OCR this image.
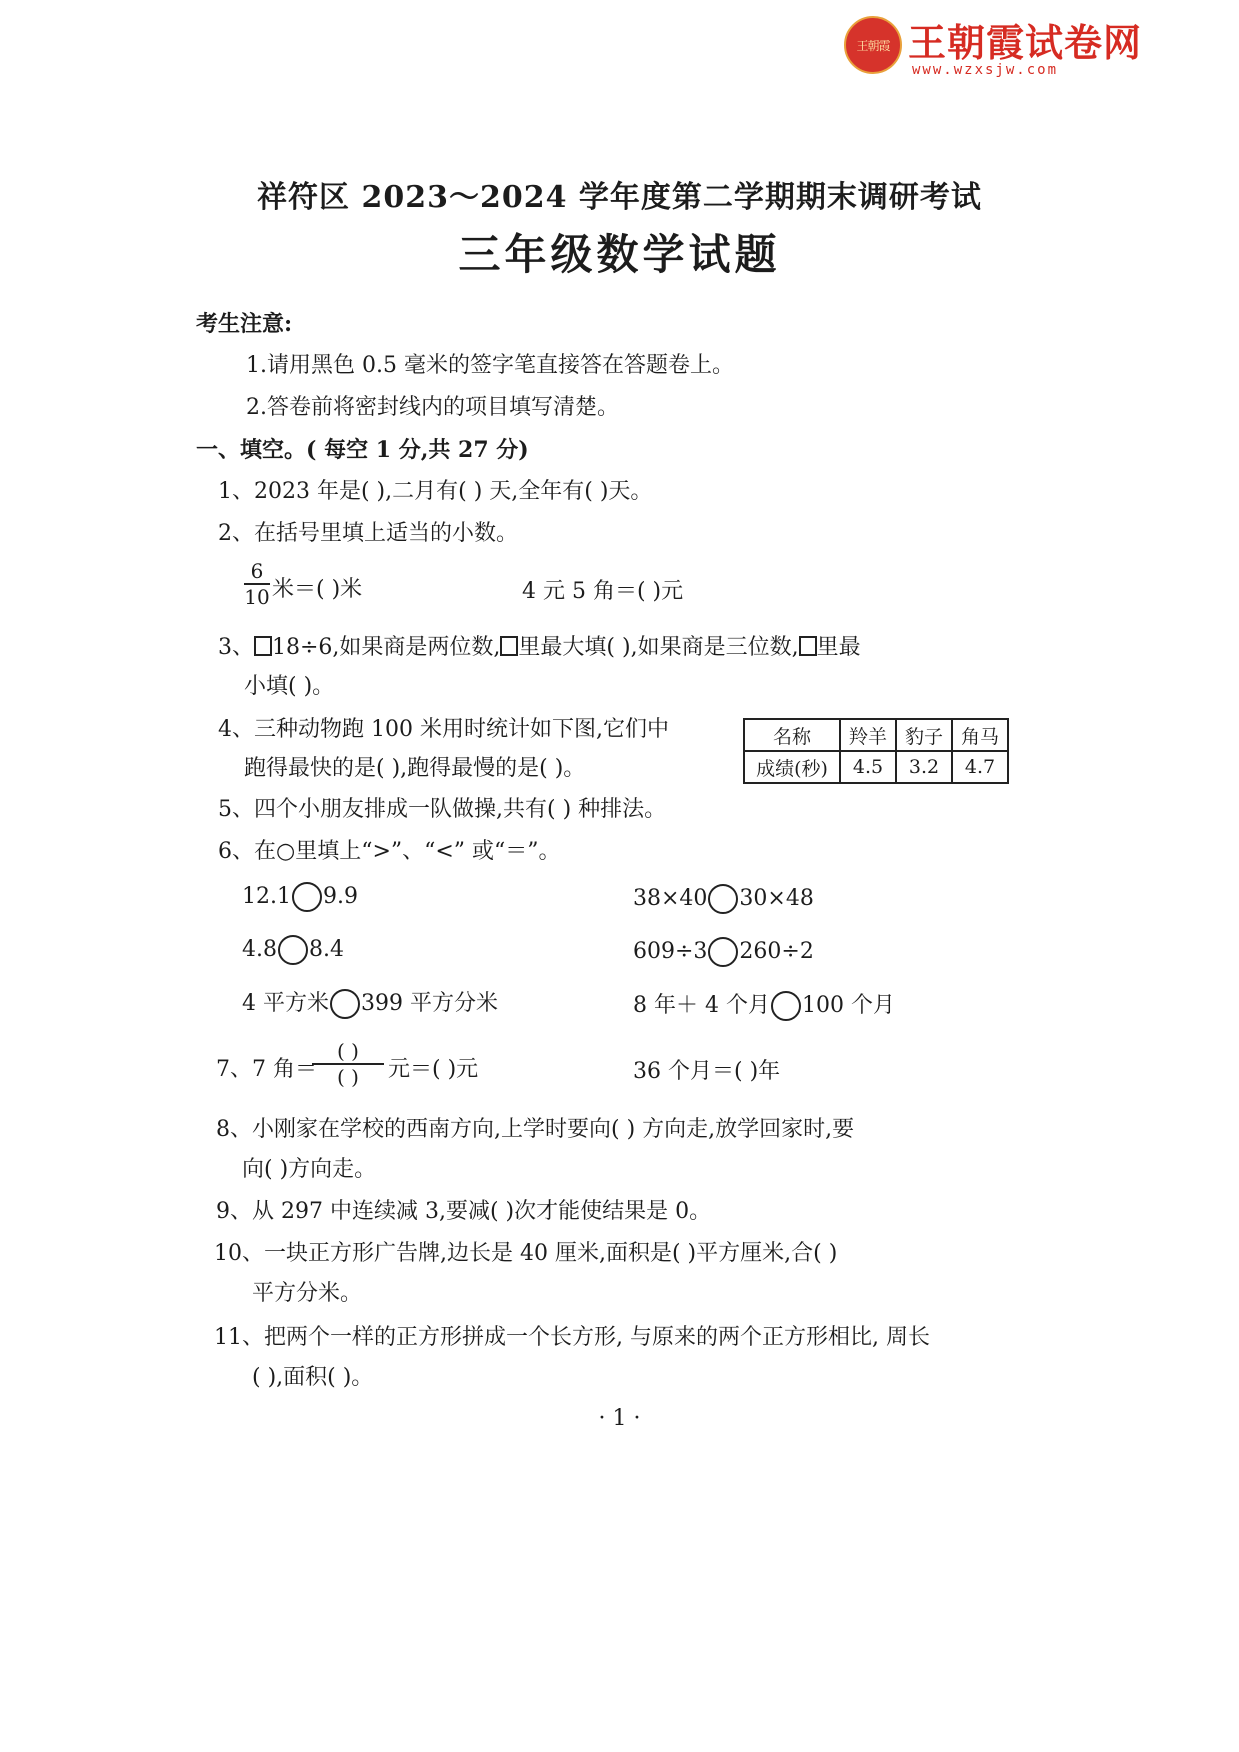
王朝霞 王朝霞试卷网
www.wzxsjw.com
祥符区 2023～2024 学年度第二学期期末调研考试
三年级数学试题
考生注意:
1.请用黑色 0.5 毫米的签字笔直接答在答题卷上。
2.答卷前将密封线内的项目填写清楚。
一、填空。( 每空 1 分,共 27 分)
1、2023 年是( ),二月有( ) 天,全年有( )天。
2、在括号里填上适当的小数。
6
10 米＝( )米	4 元 5 角＝( )元
3、 18÷6,如果商是两位数, 里最大填( ),如果商是三位数, 里最
小填( )。
4、三种动物跑 100 米用时统计如下图,它们中
跑得最快的是( ),跑得最慢的是( )。
名称	羚羊	豹子	角马
成绩(秒)	4.5	3.2	4.7
5、四个小朋友排成一队做操,共有( ) 种排法。
6、在○里填上“>”、“<” 或“＝”。
12.1 9.9	38×40 30×48
4.8 8.4	609÷3 260÷2
4 平方米 399 平方分米	8 年＋ 4 个月 100 个月
7、7 角＝
( )
( )	元＝( )元	36 个月＝( )年
8、小刚家在学校的西南方向,上学时要向( ) 方向走,放学回家时,要
向( )方向走。
9、从 297 中连续减 3,要减( )次才能使结果是 0。
10、一块正方形广告牌,边长是 40 厘米,面积是( )平方厘米,合( )
平方分米。
11、把两个一样的正方形拼成一个长方形, 与原来的两个正方形相比, 周长
( ),面积( )。
· 1 ·
